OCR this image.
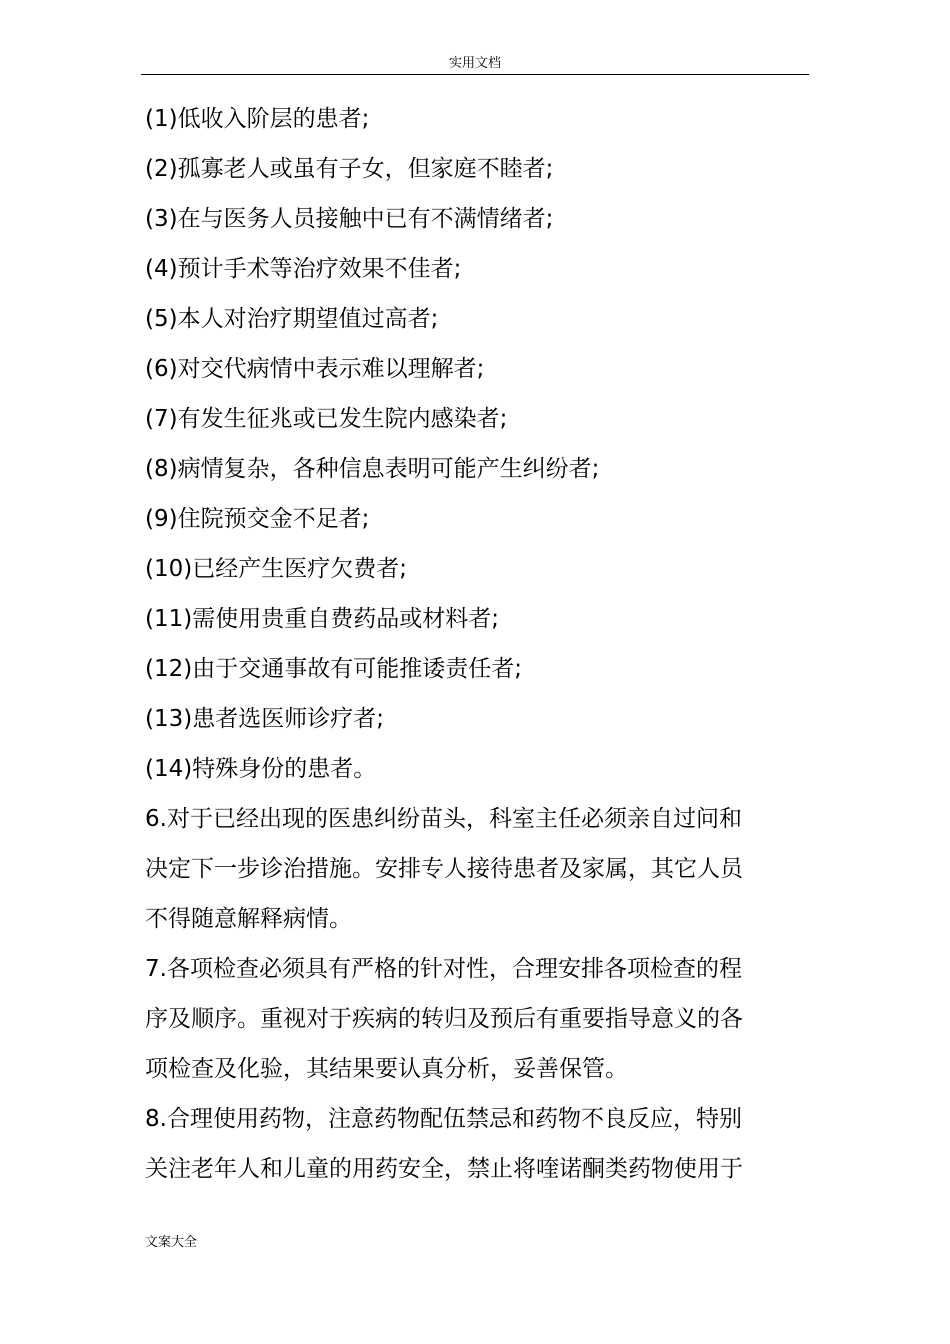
实用文档
(1)低收入阶层的患者;
(2)孤寡老人或虽有子女，但家庭不睦者;
(3)在与医务人员接触中已有不满情绪者;
(4)预计手术等治疗效果不佳者;
(5)本人对治疗期望值过高者;
(6)对交代病情中表示难以理解者;
(7)有发生征兆或已发生院内感染者;
(8)病情复杂，各种信息表明可能产生纠纷者;
(9)住院预交金不足者;
(10)已经产生医疗欠费者;
(11)需使用贵重自费药品或材料者;
(12)由于交通事故有可能推诿责任者;
(13)患者选医师诊疗者;
(14)特殊身份的患者。
6.对于已经出现的医患纠纷苗头，科室主任必须亲自过问和
决定下一步诊治措施。安排专人接待患者及家属，其它人员
不得随意解释病情。
7.各项检查必须具有严格的针对性，合理安排各项检查的程
序及顺序。重视对于疾病的转归及预后有重要指导意义的各
项检查及化验，其结果要认真分析，妥善保管。
8.合理使用药物，注意药物配伍禁忌和药物不良反应，特别
关注老年人和儿童的用药安全，禁止将喹诺酮类药物使用于
文案大全
